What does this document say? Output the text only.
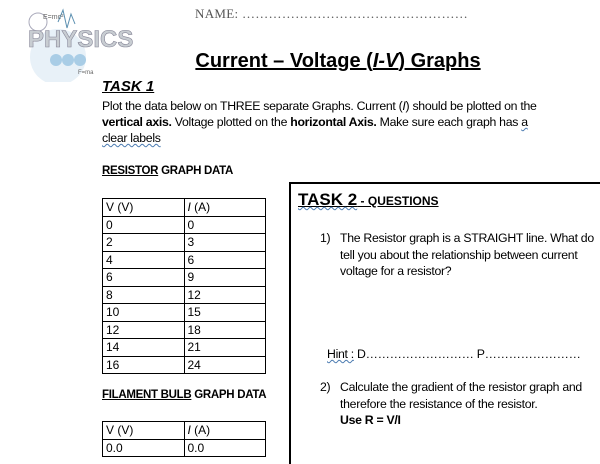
E=mc²
PHYSICS
F=ma
NAME: ……………………………………………
Current – Voltage (I-V) Graphs
TASK 1
Plot the data below on THREE separate Graphs. Current (I) should be plotted on the vertical axis. Voltage plotted on the horizontal Axis. Make sure each graph has a
clear labels
RESISTOR GRAPH DATA
V (V)	I (A)
0	0
2	3
4	6
6	9
8	12
10	15
12	18
14	21
16	24
FILAMENT BULB GRAPH DATA
V (V)	I (A)
0.0	0.0
TASK 2 - QUESTIONS
1) The Resistor graph is a STRAIGHT line. What do
tell you about the relationship between current
voltage for a resistor?
Hint : D……………………… P……………………
2) Calculate the gradient of the resistor graph and
therefore the resistance of the resistor.
Use R = V/I
